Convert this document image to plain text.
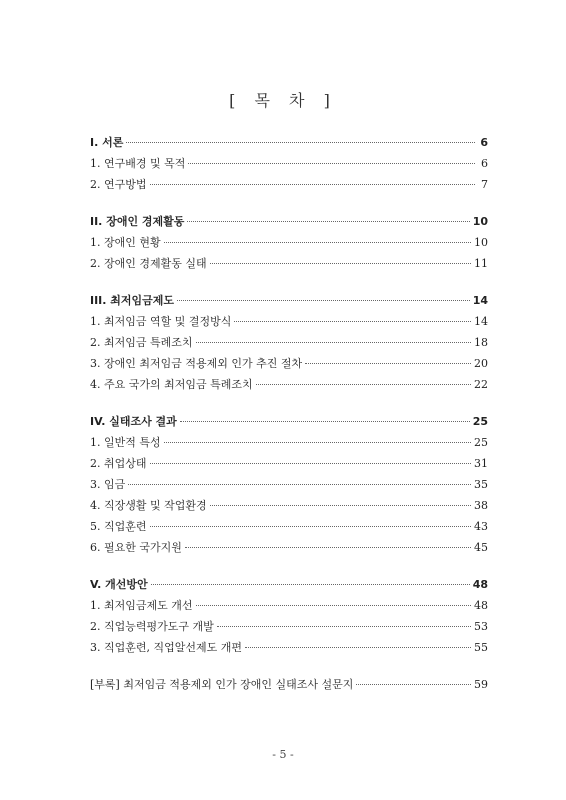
[ 목 차 ]
I. 서론	6
1. 연구배경 및 목적	6
2. 연구방법	7
II. 장애인 경제활동	10
1. 장애인 현황	10
2. 장애인 경제활동 실태	11
III. 최저임금제도	14
1. 최저임금 역할 및 결정방식	14
2. 최저임금 특례조치	18
3. 장애인 최저임금 적용제외 인가 추진 절차	20
4. 주요 국가의 최저임금 특례조치	22
IV. 실태조사 결과	25
1. 일반적 특성	25
2. 취업상태	31
3. 임금	35
4. 직장생활 및 작업환경	38
5. 직업훈련	43
6. 필요한 국가지원	45
V. 개선방안	48
1. 최저임금제도 개선	48
2. 직업능력평가도구 개발	53
3. 직업훈련, 직업알선제도 개편	55
[부록] 최저임금 적용제외 인가 장애인 실태조사 설문지	59
- 5 -
